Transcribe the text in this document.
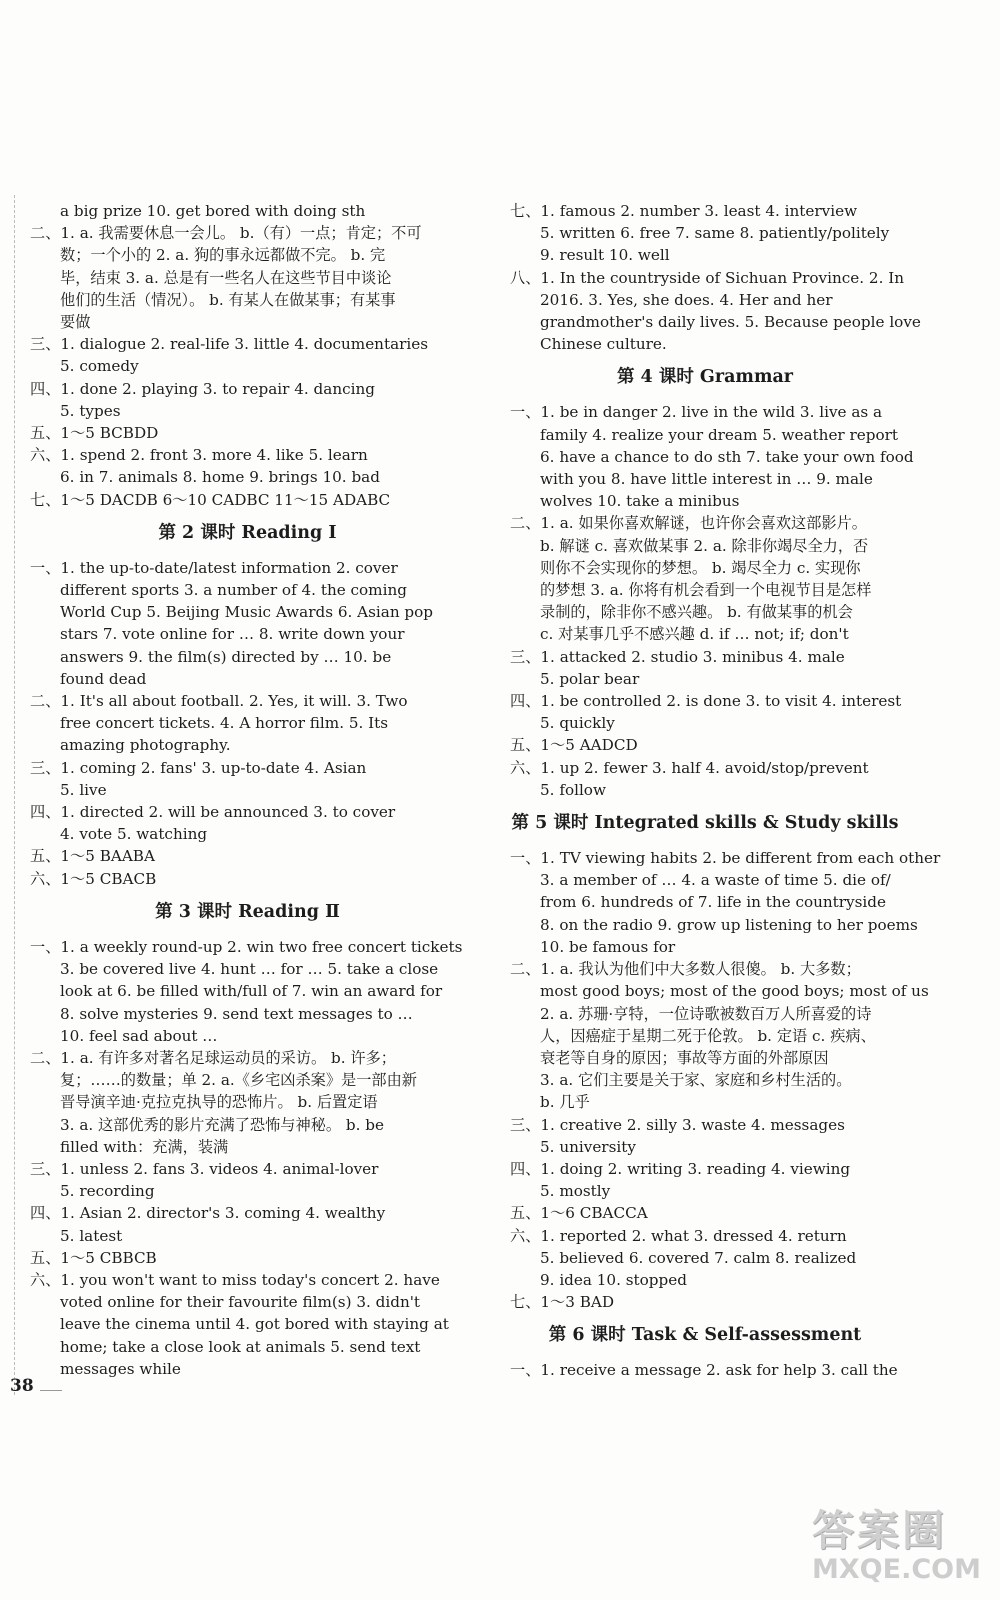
a big prize 10. get bored with doing sth
二、1. a. 我需要休息一会儿。 b.（有）一点；肯定；不可
数；一个小的 2. a. 狗的事永远都做不完。 b. 完
毕，结束 3. a. 总是有一些名人在这些节目中谈论
他们的生活（情况）。 b. 有某人在做某事；有某事
要做
三、1. dialogue 2. real-life 3. little 4. documentaries
5. comedy
四、1. done 2. playing 3. to repair 4. dancing
5. types
五、1～5 BCBDD
六、1. spend 2. front 3. more 4. like 5. learn
6. in 7. animals 8. home 9. brings 10. bad
七、1～5 DACDB 6～10 CADBC 11～15 ADABC
第 2 课时 Reading Ⅰ
一、1. the up-to-date/latest information 2. cover
different sports 3. a number of 4. the coming
World Cup 5. Beijing Music Awards 6. Asian pop
stars 7. vote online for … 8. write down your
answers 9. the film(s) directed by … 10. be
found dead
二、1. It's all about football. 2. Yes, it will. 3. Two
free concert tickets. 4. A horror film. 5. Its
amazing photography.
三、1. coming 2. fans' 3. up-to-date 4. Asian
5. live
四、1. directed 2. will be announced 3. to cover
4. vote 5. watching
五、1～5 BAABA
六、1～5 CBACB
第 3 课时 Reading Ⅱ
一、1. a weekly round-up 2. win two free concert tickets
3. be covered live 4. hunt … for … 5. take a close
look at 6. be filled with/full of 7. win an award for
8. solve mysteries 9. send text messages to …
10. feel sad about …
二、1. a. 有许多对著名足球运动员的采访。 b. 许多；
复；……的数量；单 2. a.《乡宅凶杀案》是一部由新
晋导演辛迪·克拉克执导的恐怖片。 b. 后置定语
3. a. 这部优秀的影片充满了恐怖与神秘。 b. be
filled with：充满，装满
三、1. unless 2. fans 3. videos 4. animal-lover
5. recording
四、1. Asian 2. director's 3. coming 4. wealthy
5. latest
五、1～5 CBBCB
六、1. you won't want to miss today's concert 2. have
voted online for their favourite film(s) 3. didn't
leave the cinema until 4. got bored with staying at
home; take a close look at animals 5. send text
messages while
七、1. famous 2. number 3. least 4. interview
5. written 6. free 7. same 8. patiently/politely
9. result 10. well
八、1. In the countryside of Sichuan Province. 2. In
2016. 3. Yes, she does. 4. Her and her
grandmother's daily lives. 5. Because people love
Chinese culture.
第 4 课时 Grammar
一、1. be in danger 2. live in the wild 3. live as a
family 4. realize your dream 5. weather report
6. have a chance to do sth 7. take your own food
with you 8. have little interest in … 9. male
wolves 10. take a minibus
二、1. a. 如果你喜欢解谜，也许你会喜欢这部影片。
b. 解谜 c. 喜欢做某事 2. a. 除非你竭尽全力，否
则你不会实现你的梦想。 b. 竭尽全力 c. 实现你
的梦想 3. a. 你将有机会看到一个电视节目是怎样
录制的，除非你不感兴趣。 b. 有做某事的机会
c. 对某事几乎不感兴趣 d. if … not; if; don't
三、1. attacked 2. studio 3. minibus 4. male
5. polar bear
四、1. be controlled 2. is done 3. to visit 4. interest
5. quickly
五、1～5 AADCD
六、1. up 2. fewer 3. half 4. avoid/stop/prevent
5. follow
第 5 课时 Integrated skills & Study skills
一、1. TV viewing habits 2. be different from each other
3. a member of … 4. a waste of time 5. die of/
from 6. hundreds of 7. life in the countryside
8. on the radio 9. grow up listening to her poems
10. be famous for
二、1. a. 我认为他们中大多数人很傻。 b. 大多数；
most good boys; most of the good boys; most of us
2. a. 苏珊·亨特，一位诗歌被数百万人所喜爱的诗
人，因癌症于星期二死于伦敦。 b. 定语 c. 疾病、
衰老等自身的原因；事故等方面的外部原因
3. a. 它们主要是关于家、家庭和乡村生活的。
b. 几乎
三、1. creative 2. silly 3. waste 4. messages
5. university
四、1. doing 2. writing 3. reading 4. viewing
5. mostly
五、1～6 CBACCA
六、1. reported 2. what 3. dressed 4. return
5. believed 6. covered 7. calm 8. realized
9. idea 10. stopped
七、1～3 BAD
第 6 课时 Task & Self-assessment
一、1. receive a message 2. ask for help 3. call the
38
答案圈
MXQE.COM
